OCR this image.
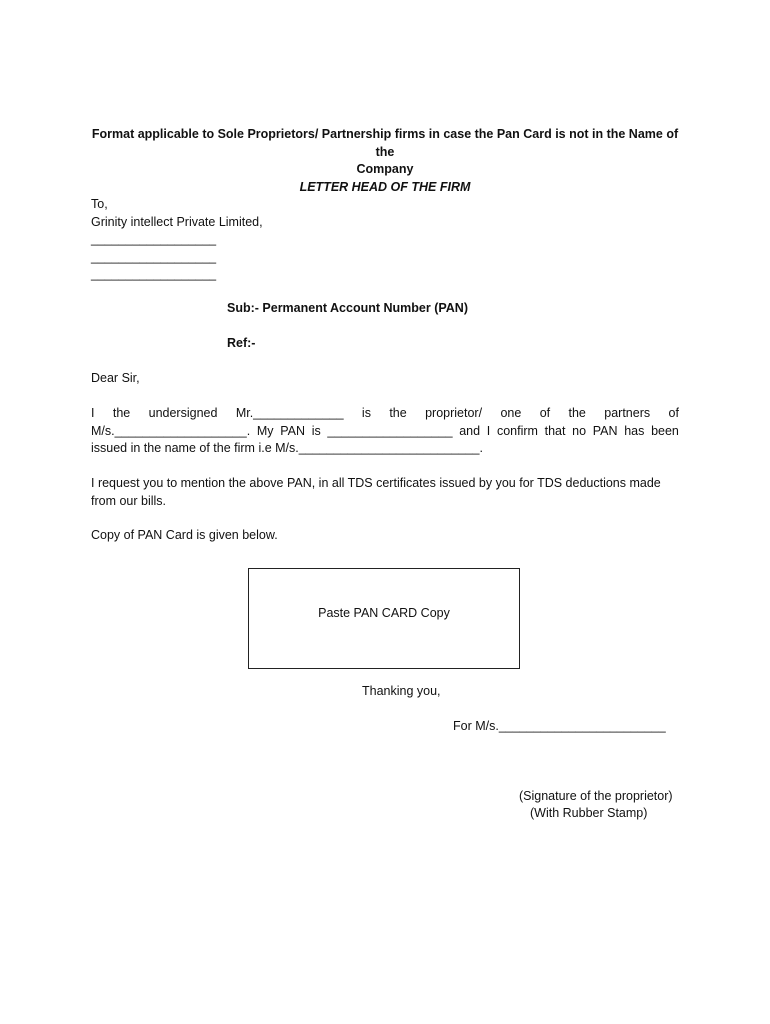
Format applicable to Sole Proprietors/ Partnership firms in case the Pan Card is not in the Name of the
Company
LETTER HEAD OF THE FIRM
To,
Grinity intellect Private Limited,
__________________
__________________
__________________
Sub:- Permanent Account Number (PAN)
Ref:-
Dear Sir,
I the undersigned Mr._____________ is the proprietor/ one of the partners of
M/s.___________________. My PAN is __________________ and I confirm that no PAN has been
issued in the name of the firm i.e M/s.__________________________.
I request you to mention the above PAN, in all TDS certificates issued by you for TDS deductions made
from our bills.
Copy of PAN Card is given below.
Paste PAN CARD Copy
Thanking you,
For M/s.________________________
(Signature of the proprietor)
(With Rubber Stamp)
